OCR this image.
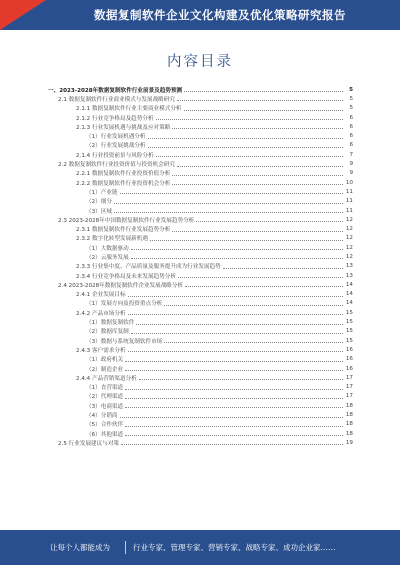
数据复制软件企业文化构建及优化策略研究报告
内容目录
一、2023-2028年数据复制软件行业前景及趋势预测	5
2.1 数据复制软件行业商业模式与发展战略研究	5
2.1.1 数据复制软件行业主要商业模式分析	5
2.1.2 行业竞争格局及趋势分析	6
2.1.3 行业发展机遇与挑战及应对策略	6
（1）行业发展机遇分析	6
（2）行业发展挑战分析	6
2.1.4 行业投资前景与风险分析	7
2.2 数据复制软件行业投资价值与投资机会研究	9
2.2.1 数据复制软件行业投资价值分析	9
2.2.2 数据复制软件行业投资机会分析	10
（1）产业链	11
（2）细分	11
（3）区域	11
2.3 2023-2028年中国数据复制软件行业发展趋势分析	12
2.3.1 数据复制软件行业发展趋势分析	12
2.3.2 数字化转型发展新机遇	12
（1）大数据驱动	12
（2）云服务发展	12
2.3.3 行业集中度、产品质量及服务提升成为行业发展趋势	13
2.3.4 行业竞争格局及未来发展趋势分析	13
2.4 2023-2028年数据复制软件企业发展战略分析	14
2.4.1 企业发展目标	14
（1）发展方向及投资重点分析	14
2.4.2 产品市场分析	15
（1）数据复制软件	15
（2）数据库复制	15
（3）数据与系统复制软件市场	15
2.4.3 客户需求分析	16
（1）政府机关	16
（2）制造企业	16
2.4.4 产品营销渠道分析	17
（1）直营渠道	17
（2）代理渠道	17
（3）电商渠道	18
（4）分销商	18
（5）合作伙伴	18
（6）其他渠道	18
2.5 行业发展建议与对策	19
让每个人都能成为	行业专家、管理专家、营销专家、战略专家、成功企业家……
